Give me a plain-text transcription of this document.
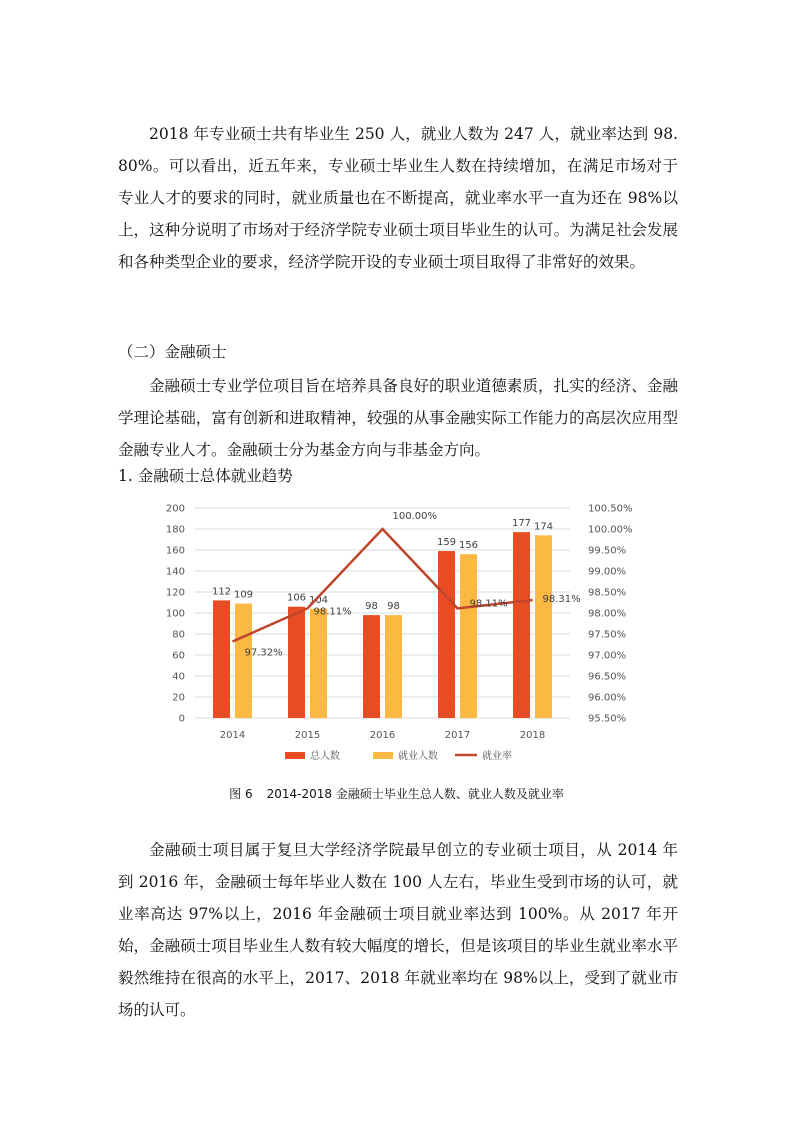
2018 年专业硕士共有毕业生 250 人，就业人数为 247 人，就业率达到 98.80%。可以看出，近五年来，专业硕士毕业生人数在持续增加，在满足市场对于专业人才的要求的同时，就业质量也在不断提高，就业率水平一直为还在 98%以上，这种分说明了市场对于经济学院专业硕士项目毕业生的认可。为满足社会发展和各种类型企业的要求，经济学院开设的专业硕士项目取得了非常好的效果。

（二）金融硕士

金融硕士专业学位项目旨在培养具备良好的职业道德素质，扎实的经济、金融学理论基础，富有创新和进取精神，较强的从事金融实际工作能力的高层次应用型金融专业人才。金融硕士分为基金方向与非基金方向。

1. 金融硕士总体就业趋势

0
20
40
60
80
100
120
140
160
180
200
95.50%
96.00%
96.50%
97.00%
97.50%
98.00%
98.50%
99.00%
99.50%
100.00%
100.50%
112 109	106 104
98 98
159 156
177 174
97.32%
98.11%
100.00%
98.11%	98.31%
2014	2015	2016	2017	2018
总人数	就业人数	就业率
图 6 2014-2018 金融硕士毕业生总人数、就业人数及就业率

金融硕士项目属于复旦大学经济学院最早创立的专业硕士项目，从 2014 年到 2016 年，金融硕士每年毕业人数在 100 人左右，毕业生受到市场的认可，就业率高达 97%以上，2016 年金融硕士项目就业率达到 100%。从 2017 年开始，金融硕士项目毕业生人数有较大幅度的增长，但是该项目的毕业生就业率水平毅然维持在很高的水平上，2017、2018 年就业率均在 98%以上，受到了就业市场的认可。
